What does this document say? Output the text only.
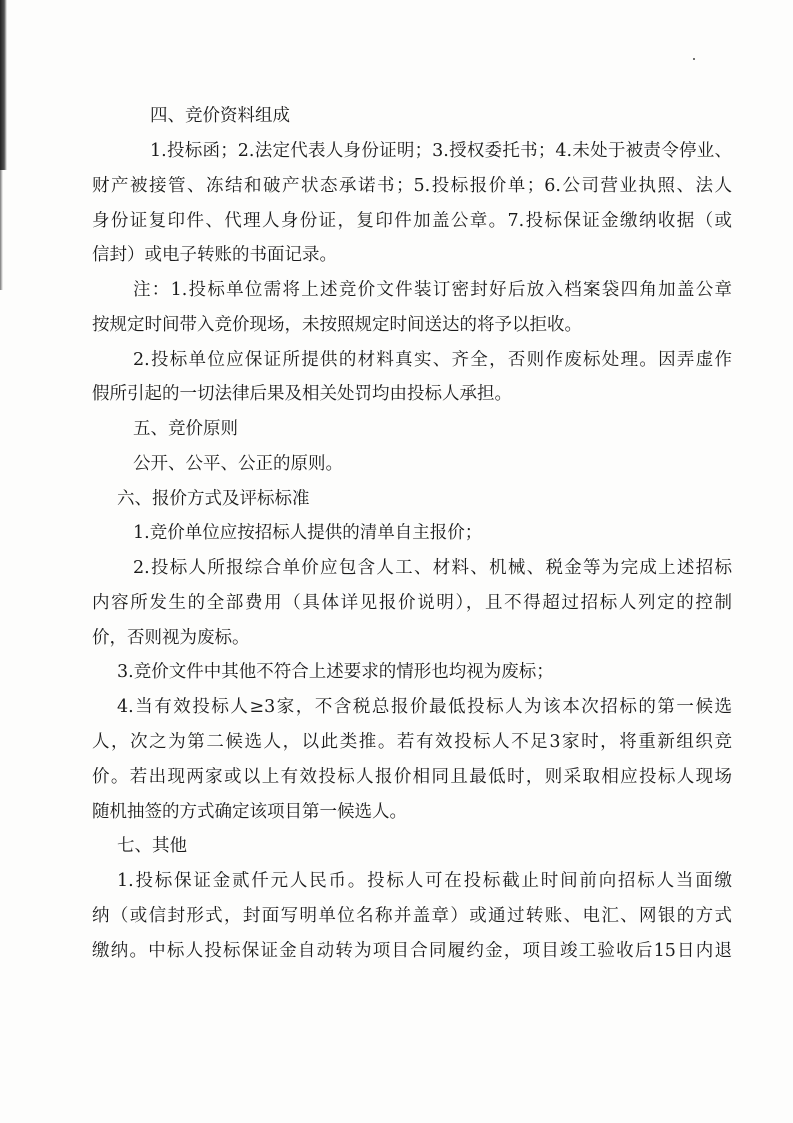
四、竞价资料组成
1.投标函；2.法定代表人身份证明；3.授权委托书；4.未处于被责令停业、
财产被接管、冻结和破产状态承诺书；5.投标报价单；6.公司营业执照、法人
身份证复印件、代理人身份证，复印件加盖公章。7.投标保证金缴纳收据（或
信封）或电子转账的书面记录。
注：1.投标单位需将上述竞价文件装订密封好后放入档案袋四角加盖公章
按规定时间带入竞价现场，未按照规定时间送达的将予以拒收。
2.投标单位应保证所提供的材料真实、齐全，否则作废标处理。因弄虚作
假所引起的一切法律后果及相关处罚均由投标人承担。
五、竞价原则
公开、公平、公正的原则。
六、报价方式及评标标准
1.竞价单位应按招标人提供的清单自主报价；
2.投标人所报综合单价应包含人工、材料、机械、税金等为完成上述招标
内容所发生的全部费用（具体详见报价说明），且不得超过招标人列定的控制
价，否则视为废标。
3.竞价文件中其他不符合上述要求的情形也均视为废标；
4.当有效投标人≥3家，不含税总报价最低投标人为该本次招标的第一候选
人，次之为第二候选人，以此类推。若有效投标人不足3家时，将重新组织竞
价。若出现两家或以上有效投标人报价相同且最低时，则采取相应投标人现场
随机抽签的方式确定该项目第一候选人。
七、其他
1.投标保证金贰仟元人民币。投标人可在投标截止时间前向招标人当面缴
纳（或信封形式，封面写明单位名称并盖章）或通过转账、电汇、网银的方式
缴纳。中标人投标保证金自动转为项目合同履约金，项目竣工验收后15日内退
